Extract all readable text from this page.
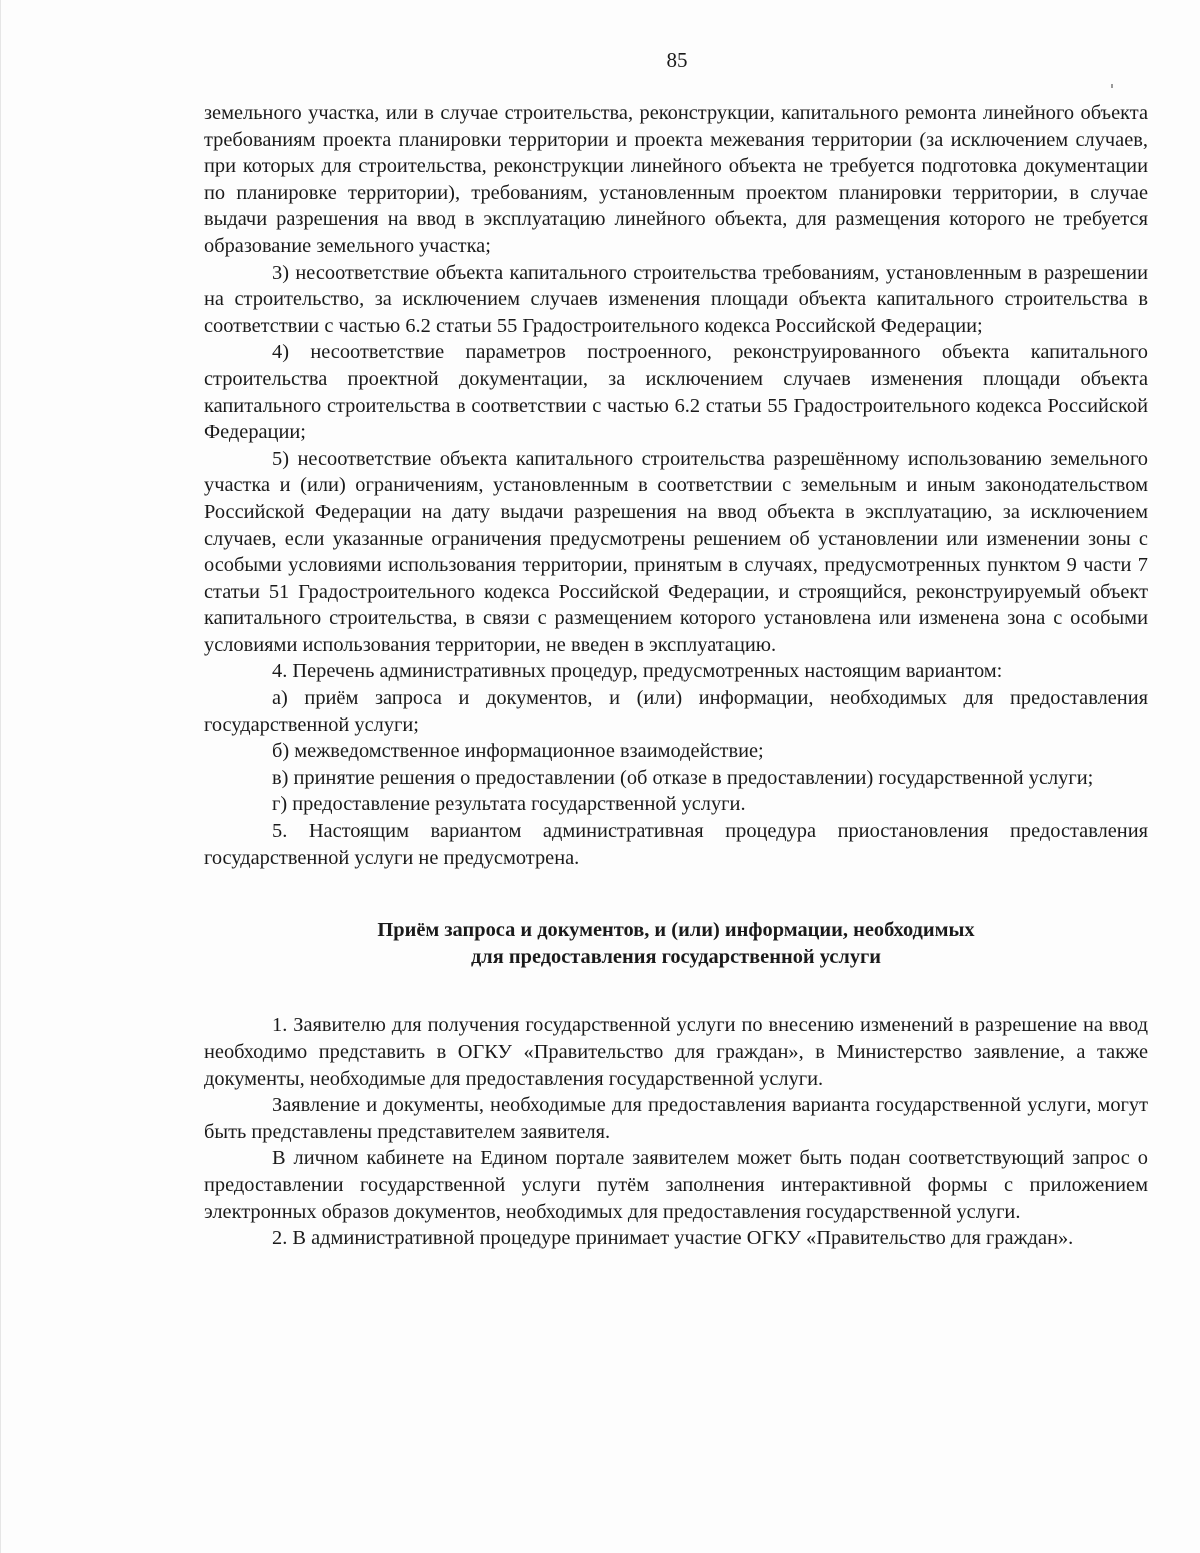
85

земельного участка, или в случае строительства, реконструкции, капитального ремонта линейного объекта требованиям проекта планировки территории и проекта межевания территории (за исключением случаев, при которых для строительства, реконструкции линейного объекта не требуется подготовка документации по планировке территории), требованиям, установленным проектом планировки территории, в случае выдачи разрешения на ввод в эксплуатацию линейного объекта, для размещения которого не требуется образование земельного участка;

3) несоответствие объекта капитального строительства требованиям, установленным в разрешении на строительство, за исключением случаев изменения площади объекта капитального строительства в соответствии с частью 6.2 статьи 55 Градостроительного кодекса Российской Федерации;

4) несоответствие параметров построенного, реконструированного объекта капитального строительства проектной документации, за исключением случаев изменения площади объекта капитального строительства в соответствии с частью 6.2 статьи 55 Градостроительного кодекса Российской Федерации;

5) несоответствие объекта капитального строительства разрешённому использованию земельного участка и (или) ограничениям, установленным в соответствии с земельным и иным законодательством Российской Федерации на дату выдачи разрешения на ввод объекта в эксплуатацию, за исключением случаев, если указанные ограничения предусмотрены решением об установлении или изменении зоны с особыми условиями использования территории, принятым в случаях, предусмотренных пунктом 9 части 7 статьи 51 Градостроительного кодекса Российской Федерации, и строящийся, реконструируемый объект капитального строительства, в связи с размещением которого установлена или изменена зона с особыми условиями использования территории, не введен в эксплуатацию.

4. Перечень административных процедур, предусмотренных настоящим вариантом:

а) приём запроса и документов, и (или) информации, необходимых для предоставления государственной услуги;

б) межведомственное информационное взаимодействие;

в) принятие решения о предоставлении (об отказе в предоставлении) государственной услуги;

г) предоставление результата государственной услуги.

5. Настоящим вариантом административная процедура приостановления предоставления государственной услуги не предусмотрена.

Приём запроса и документов, и (или) информации, необходимых
для предоставления государственной услуги

1. Заявителю для получения государственной услуги по внесению изменений в разрешение на ввод необходимо представить в ОГКУ «Правительство для граждан», в Министерство заявление, а также документы, необходимые для предоставления государственной услуги.

Заявление и документы, необходимые для предоставления варианта государственной услуги, могут быть представлены представителем заявителя.

В личном кабинете на Едином портале заявителем может быть подан соответствующий запрос о предоставлении государственной услуги путём заполнения интерактивной формы с приложением электронных образов документов, необходимых для предоставления государственной услуги.

2. В административной процедуре принимает участие ОГКУ «Правительство для граждан».
